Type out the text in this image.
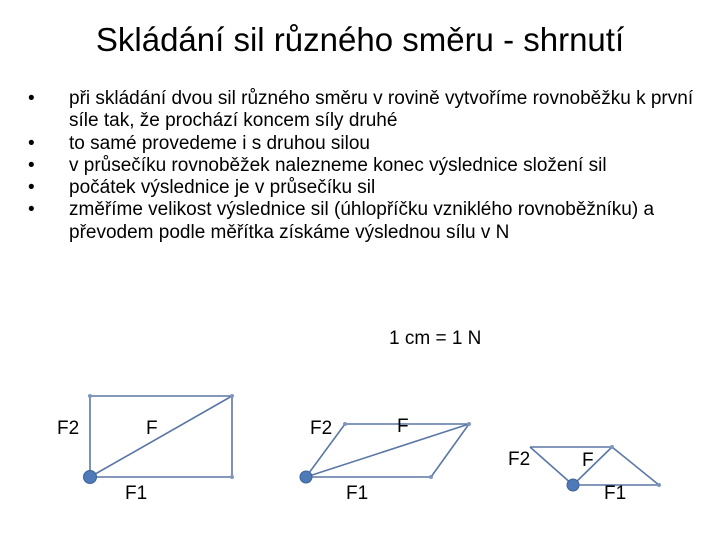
Skládání sil různého směru - shrnutí
• při skládání dvou sil různého směru v rovině vytvoříme rovnoběžku k první síle tak, že prochází koncem síly druhé
• to samé provedeme i s druhou silou
• v průsečíku rovnoběžek nalezneme konec výslednice složení sil
• počátek výslednice je v průsečíku sil
• změříme velikost výslednice sil (úhlopříčku vzniklého rovnoběžníku) a převodem podle měřítka získáme výslednou sílu v N
1 cm = 1 N
F2	F
F1
F2	F
F1
F2	F
F1
